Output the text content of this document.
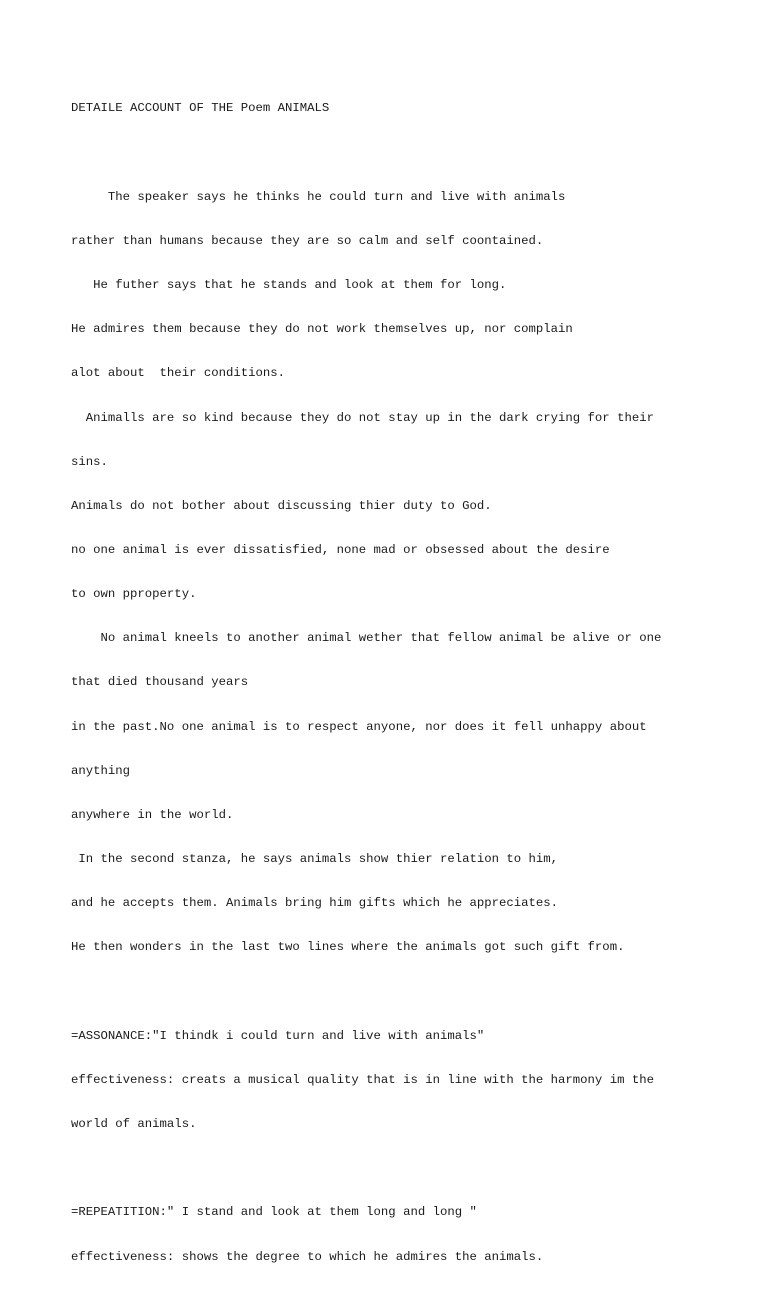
DETAILE ACCOUNT OF THE Poem ANIMALS

The speaker says he thinks he could turn and live with animals

rather than humans because they are so calm and self coontained.

He futher says that he stands and look at them for long.

He admires them because they do not work themselves up, nor complain

alot about  their conditions.

Animalls are so kind because they do not stay up in the dark crying for their

sins.

Animals do not bother about discussing thier duty to God.

no one animal is ever dissatisfied, none mad or obsessed about the desire

to own pproperty.

No animal kneels to another animal wether that fellow animal be alive or one

that died thousand years

in the past.No one animal is to respect anyone, nor does it fell unhappy about

anything

anywhere in the world.

In the second stanza, he says animals show thier relation to him,

and he accepts them. Animals bring him gifts which he appreciates.

He then wonders in the last two lines where the animals got such gift from.

=ASSONANCE:"I thindk i could turn and live with animals"

effectiveness: creats a musical quality that is in line with the harmony im the

world of animals.

=REPEATITION:" I stand and look at them long and long "

effectiveness: shows the degree to which he admires the animals.
